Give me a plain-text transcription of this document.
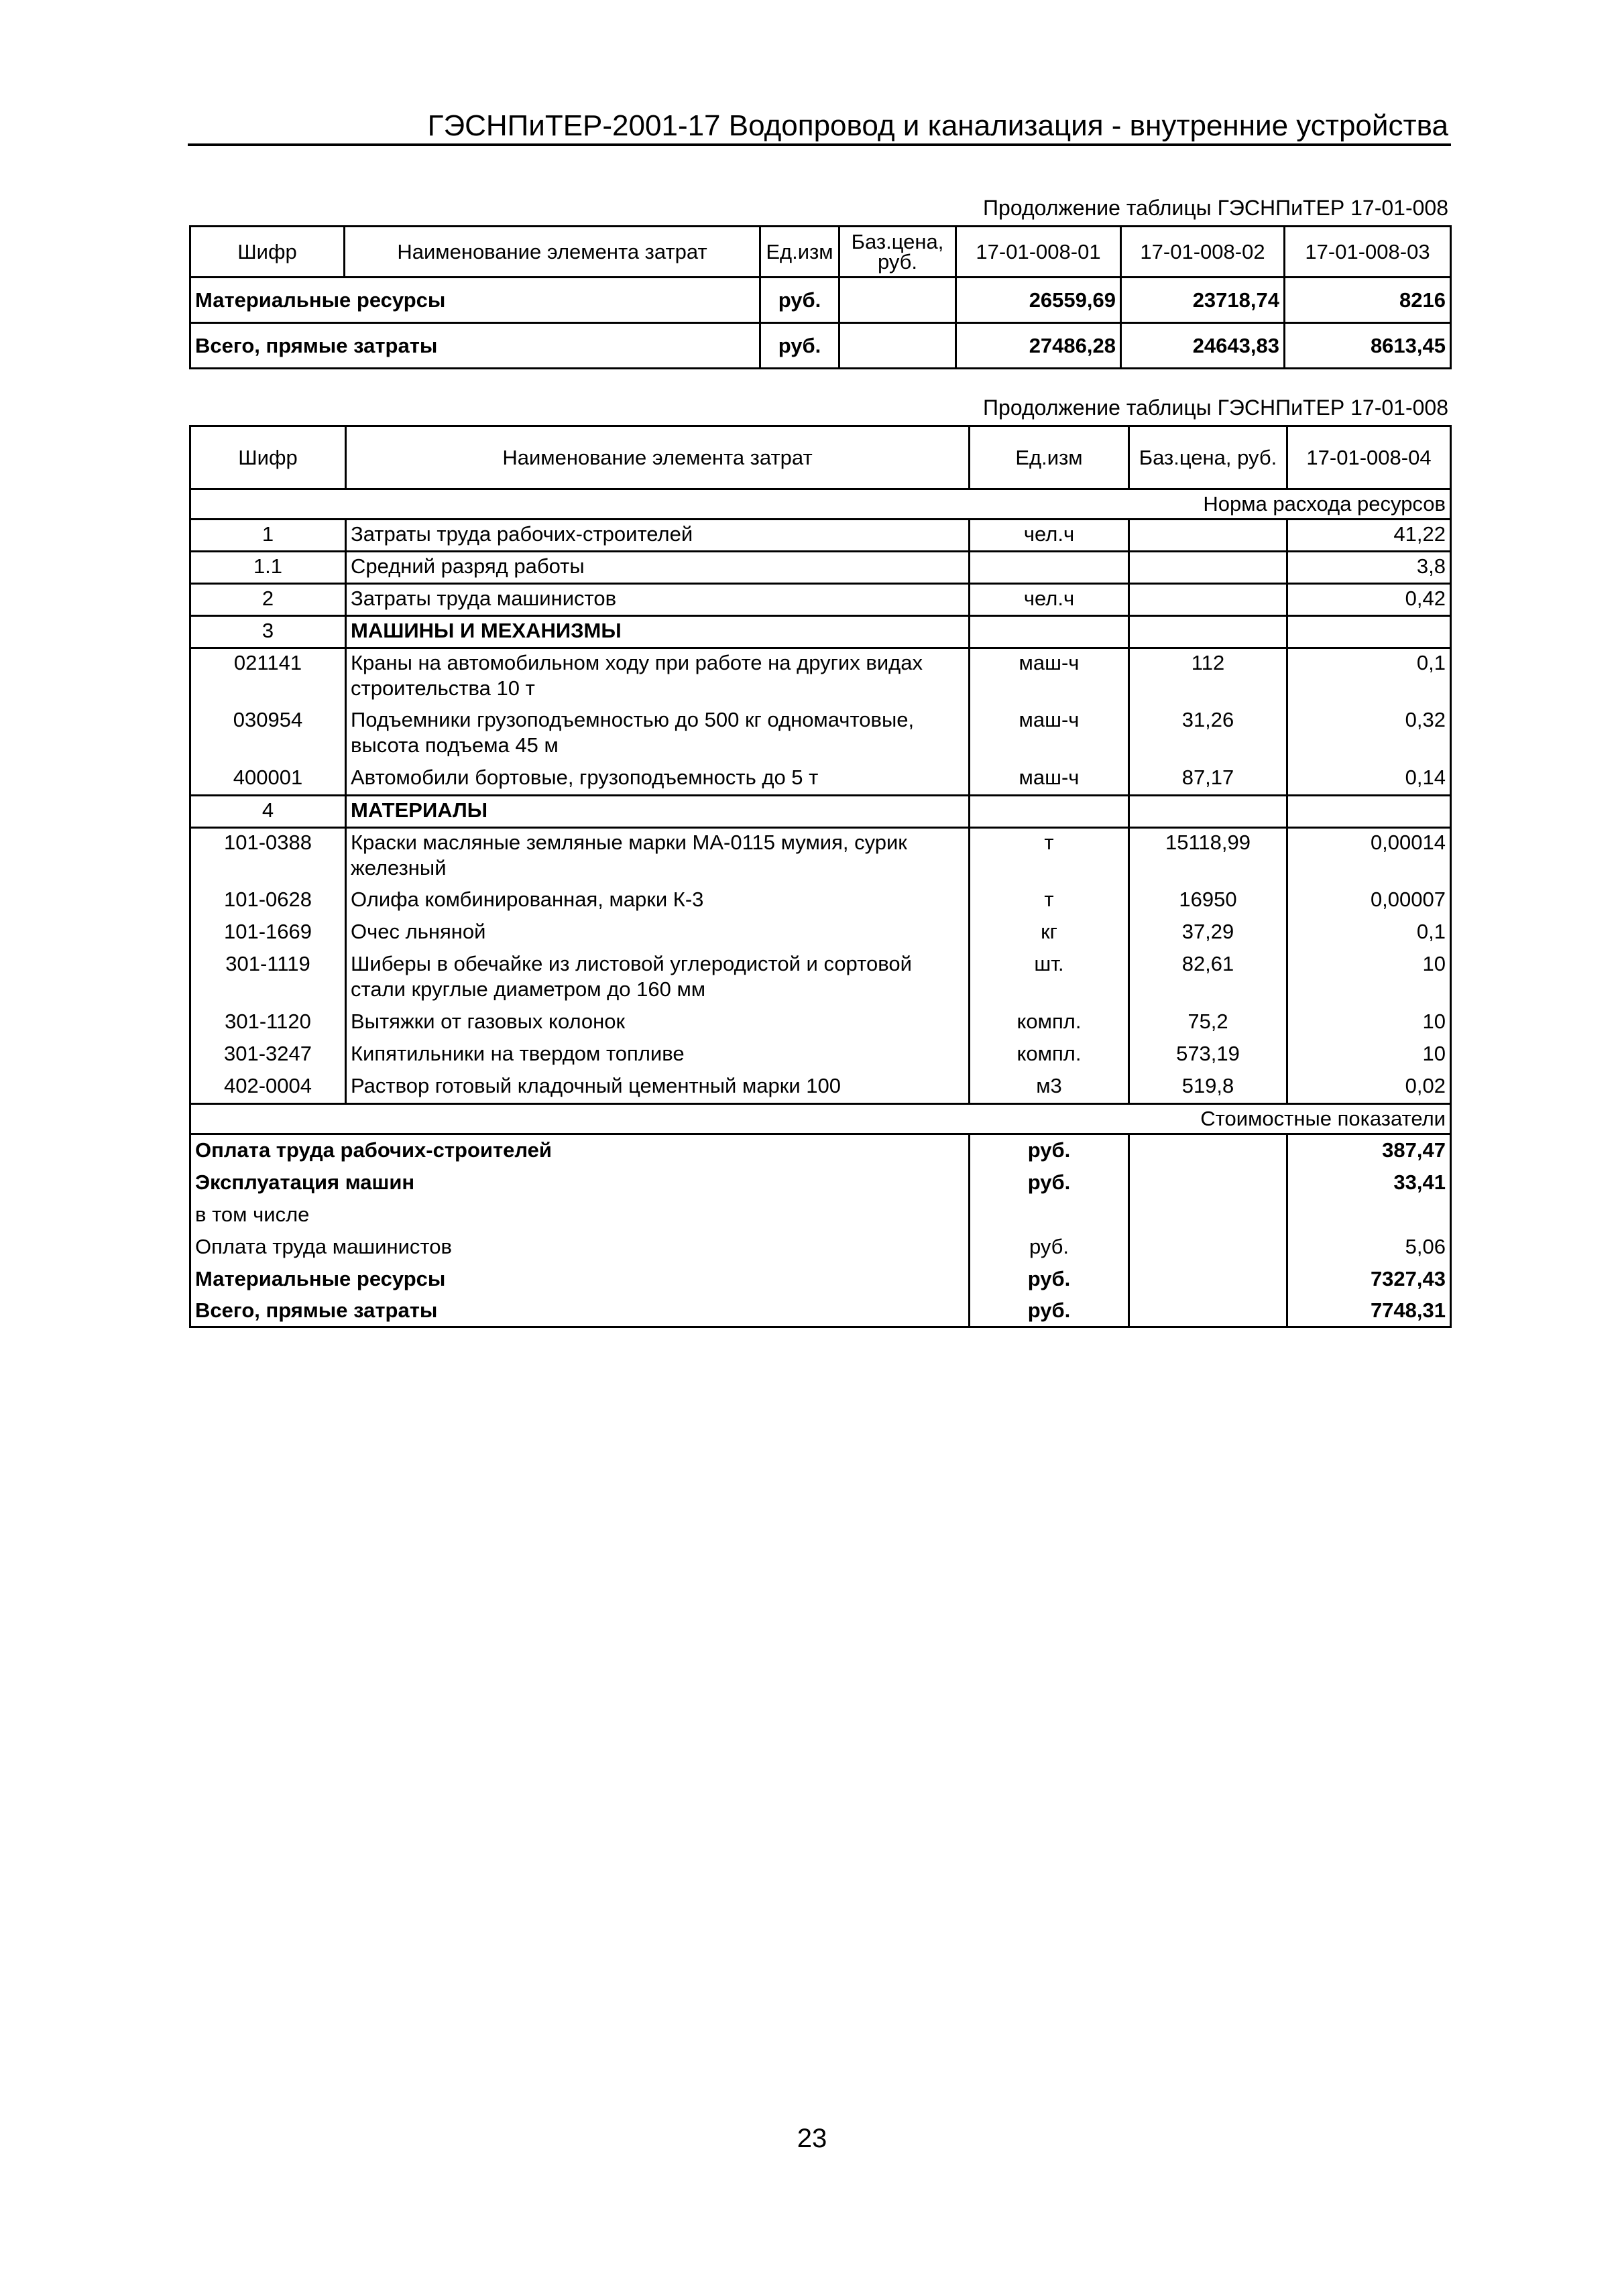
ГЭСНПиТЕР-2001-17 Водопровод и канализация - внутренние устройства
Продолжение таблицы ГЭСНПиТЕР 17-01-008
Шифр	Наименование элемента затрат	Ед.изм	Баз.цена, руб.	17-01-008-01	17-01-008-02	17-01-008-03
Материальные ресурсы		руб.		26559,69	23718,74	8216
Всего, прямые затраты		руб.		27486,28	24643,83	8613,45
Продолжение таблицы ГЭСНПиТЕР 17-01-008
Шифр	Наименование элемента затрат	Ед.изм	Баз.цена, руб.	17-01-008-04
Норма расхода ресурсов				
1	Затраты труда рабочих-строителей	чел.ч		41,22
1.1	Средний разряд работы			3,8
2	Затраты труда машинистов	чел.ч		0,42
3	МАШИНЫ И МЕХАНИЗМЫ			
021141	Краны на автомобильном ходу при работе на других видах строительства 10 т	маш-ч	112	0,1
030954	Подъемники грузоподъемностью до 500 кг одномачтовые, высота подъема 45 м	маш-ч	31,26	0,32
400001	Автомобили бортовые, грузоподъемность до 5 т	маш-ч	87,17	0,14
4	МАТЕРИАЛЫ			
101-0388	Краски масляные земляные марки МА-0115 мумия, сурик железный	т	15118,99	0,00014
101-0628	Олифа комбинированная, марки К-3	т	16950	0,00007
101-1669	Очес льняной	кг	37,29	0,1
301-1119	Шиберы в обечайке из листовой углеродистой и сортовой стали круглые диаметром до 160 мм	шт.	82,61	10
301-1120	Вытяжки от газовых колонок	компл.	75,2	10
301-3247	Кипятильники на твердом топливе	компл.	573,19	10
402-0004	Раствор готовый кладочный цементный марки 100	м3	519,8	0,02
Стоимостные показатели				
Оплата труда рабочих-строителей		руб.		387,47
Эксплуатация машин		руб.		33,41
в том числе				
Оплата труда машинистов		руб.		5,06
Материальные ресурсы		руб.		7327,43
Всего, прямые затраты		руб.		7748,31
23
